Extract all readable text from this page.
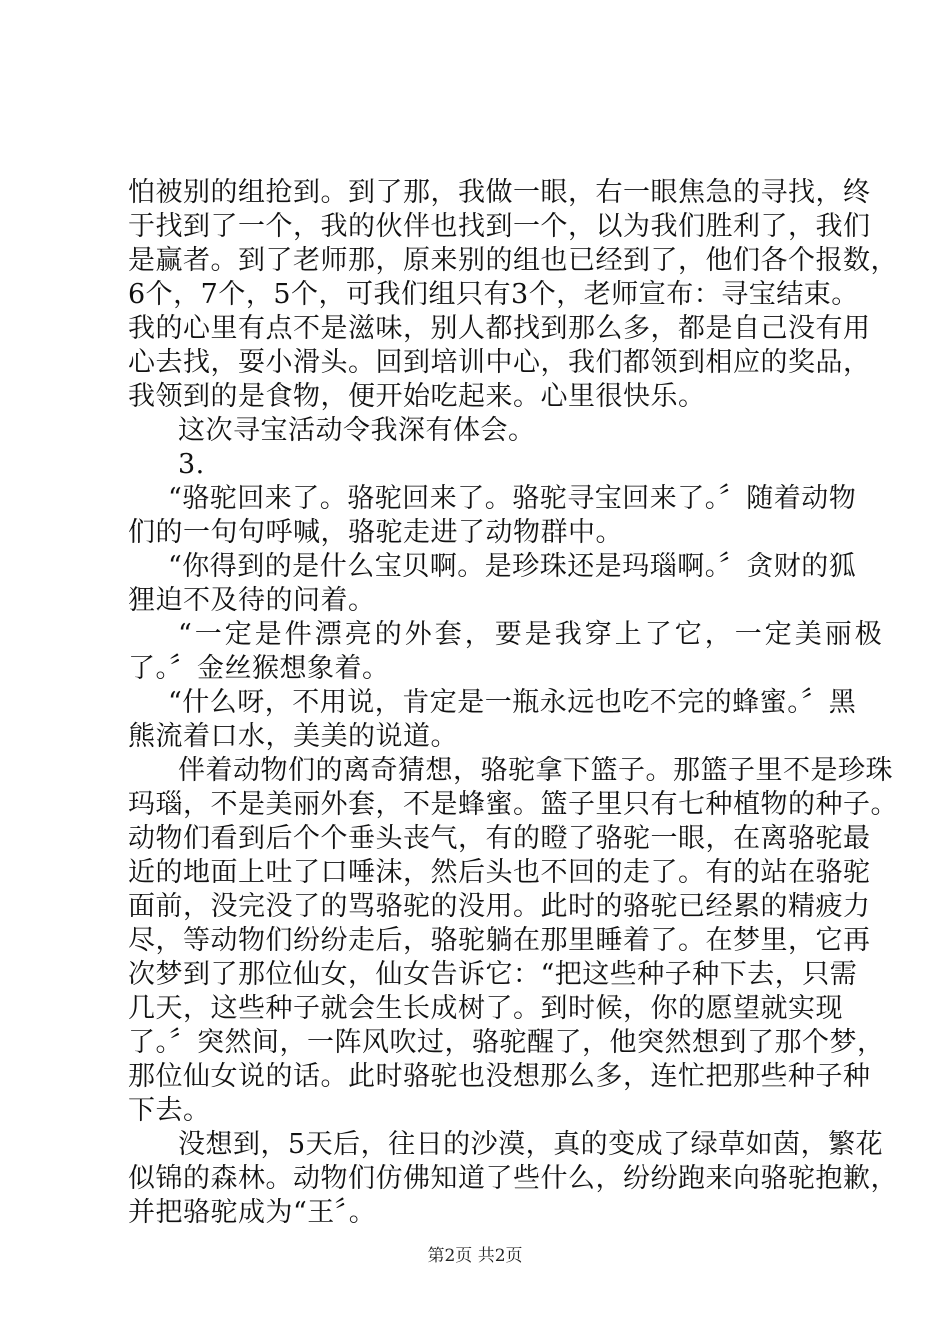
怕被别的组抢到。到了那，我做一眼，右一眼焦急的寻找，终
于找到了一个，我的伙伴也找到一个，以为我们胜利了，我们
是赢者。到了老师那，原来别的组也已经到了，他们各个报数，
6个，7个，5个，可我们组只有3个，老师宣布：寻宝结束。
我的心里有点不是滋味，别人都找到那么多，都是自己没有用
心去找，耍小滑头。回到培训中心，我们都领到相应的奖品，
我领到的是食物，便开始吃起来。心里很快乐。
这次寻宝活动令我深有体会。
3.
“骆驼回来了。骆驼回来了。骆驼寻宝回来了。〞随着动物
们的一句句呼喊，骆驼走进了动物群中。
“你得到的是什么宝贝啊。是珍珠还是玛瑙啊。〞贪财的狐
狸迫不及待的问着。
“一定是件漂亮的外套，要是我穿上了它，一定美丽极
了。〞金丝猴想象着。
“什么呀，不用说，肯定是一瓶永远也吃不完的蜂蜜。〞黑
熊流着口水，美美的说道。
伴着动物们的离奇猜想，骆驼拿下篮子。那篮子里不是珍珠
玛瑙，不是美丽外套，不是蜂蜜。篮子里只有七种植物的种子。
动物们看到后个个垂头丧气，有的瞪了骆驼一眼，在离骆驼最
近的地面上吐了口唾沫，然后头也不回的走了。有的站在骆驼
面前，没完没了的骂骆驼的没用。此时的骆驼已经累的精疲力
尽，等动物们纷纷走后，骆驼躺在那里睡着了。在梦里，它再
次梦到了那位仙女，仙女告诉它：“把这些种子种下去，只需
几天，这些种子就会生长成树了。到时候，你的愿望就实现
了。〞突然间，一阵风吹过，骆驼醒了，他突然想到了那个梦，
那位仙女说的话。此时骆驼也没想那么多，连忙把那些种子种
下去。
没想到，5天后，往日的沙漠，真的变成了绿草如茵，繁花
似锦的森林。动物们仿佛知道了些什么，纷纷跑来向骆驼抱歉，
并把骆驼成为“王〞。
第2页 共2页
